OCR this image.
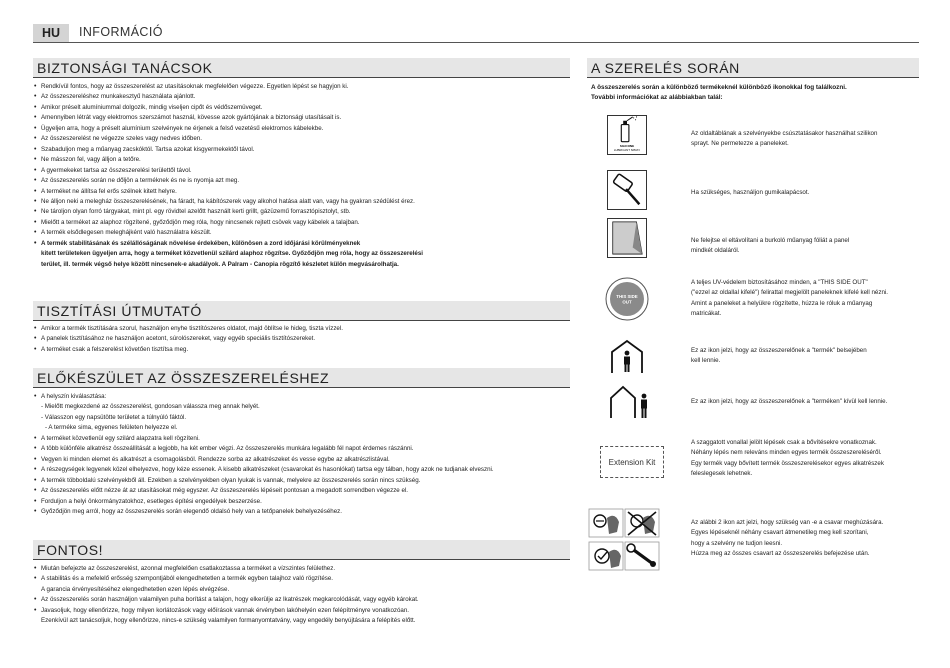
HU	INFORMÁCIÓ
BIZTONSÁGI TANÁCSOK
• Rendkívül fontos, hogy az összeszerelést az utasításoknak megfelelően végezze. Egyetlen lépést se hagyjon ki.
• Az összeszereléshez munkakesztyű használata ajánlott.
• Amikor préselt alumíniummal dolgozik, mindig viseljen cipőt és védőszemüveget.
• Amennyiben létrát vagy elektromos szerszámot használ, kövesse azok gyártójának a biztonsági utasításait is.
• Ügyeljen arra, hogy a préselt alumínium szelvények ne érjenek a felső vezetésű elektromos kábelekbe.
• Az összeszerelést ne végezze szeles vagy nedves időben.
• Szabaduljon meg a műanyag zacskóktól. Tartsa azokat kisgyermekektől távol.
• Ne másszon fel, vagy álljon a tetőre.
• A gyermekeket tartsa az összeszerelési területtől távol.
• Az összeszerelés során ne dőljön a terméknek és ne is nyomja azt meg.
• A terméket ne állítsa fel erős szélnek kitett helyre.
• Ne álljon neki a melegház összeszerelésének, ha fáradt, ha kábítószerek vagy alkohol hatása alatt van, vagy ha gyakran szédülést érez.
• Ne tároljon olyan forró tárgyakat, mint pl. egy rövidtel azelőtt használt kerti grillt, gázüzemű forrasztópisztolyt, stb.
• Mielőtt a terméket az alaphoz rögzítené, győződjön meg róla, hogy nincsenek rejtett csövek vagy kábelek a talajban.
• A termék elsődlegesen meleghájként való használatra készült.
• A termék stabilitásának és szélállóságának növelése érdekében, különösen a zord időjárási körülményeknek
kitett területeken ügyeljen arra, hogy a terméket közvetlenül szilárd alaphoz rögzítse. Győződjön meg róla, hogy az összeszerelési
terület, ill. termék végső helye között nincsenek-e akadályok. A Palram - Canopia rögzítő készletet külön megvásárolhatja.
TISZTÍTÁSI ÚTMUTATÓ
• Amikor a termék tisztítására szorul, használjon enyhe tisztítószeres oldatot, majd öblítse le hideg, tiszta vízzel.
• A panelek tisztításához ne használjon acetont, súrolószereket, vagy egyéb speciális tisztítószereket.
• A terméket csak a felszerelést követően tisztítsa meg.
ELŐKÉSZÜLET AZ ÖSSZESZERELÉSHEZ
• A helyszín kiválasztása:
- Mielőtt megkezdené az összeszerelést, gondosan válassza meg annak helyét.
- Válasszon egy napsütötte területet a túlnyúló fáktól.
- A terméke sima, egyenes felületen helyezze el.
• A terméket közvetlenül egy szilárd alapzatra kell rögzíteni.
• A több különféle alkatrész összeállítását a legjobb, ha két ember végzi. Az összeszerelés munkára legalább fél napot érdemes rászánni.
• Vegyen ki minden elemet és alkatrészt a csomagolásból. Rendezze sorba az alkatrészeket és vesse egybe az alkatrészlistával.
• A részegységek legyenek közel elhelyezve, hogy kéze essenek. A kisebb alkatrészeket (csavarokat és hasonlókat) tartsa egy tálban, hogy azok ne tudjanak elveszni.
• A termék többoldalú szelvényekből áll. Ezekben a szelvényekben olyan lyukak is vannak, melyekre az összeszerelés során nincs szükség.
• Az összeszerelés előtt nézze át az utasításokat még egyszer. Az összeszerelés lépéseit pontosan a megadott sorrendben végezze el.
• Forduljon a helyi önkormányzatokhoz, esetleges építési engedélyek beszerzése.
• Győződjön meg arról, hogy az összeszerelés során elegendő oldalsó hely van a tetőpanelek behelyezéséhez.
FONTOS!
• Miután befejezte az összeszerelést, azonnal megfelelően csatlakoztassa a terméket a vízszintes felülethez.
• A stabilitás és a mefelelő erősség szempontjából elengedhetetlen a termék egyben talajhoz való rögzítése.
A garancia érvényesítéséhez elengedhetetlen ezen lépés elvégzése.
• Az összeszerelés során használjon valamilyen puha borítást a talajon, hogy elkerülje az lkatrészek megkarcolódását, vagy egyéb károkat.
• Javasoljuk, hogy ellenőrizze, hogy milyen korlátozások vagy előírások vannak érvényben lakóhelyén ezen felépítményre vonatkozóan.
Ezenkívül azt tanácsoljuk, hogy ellenőrizze, nincs-e szükség valamilyen formanyomtatvány, vagy engedély benyújtására a felépítés előtt.
A SZERELÉS SORÁN
A összeszerelés során a különböző termékeknél különböző ikonokkal fog találkozni.
További információkat az alábbiakban talál:
SILICONE
LUBRICANT SPRAY
Az oldaltáblának a szelvényekbe csúsztatásakor használhat szilikon
sprayt. Ne permetezze a paneleket.
Ha szükséges, használjon gumikalapácsot.
Ne felejtse el eltávolítani a burkoló műanyag fóliát a panel
mindkét oldaláról.
THIS SIDE
OUT
A teljes UV-védelem biztosításához minden, a "THIS SIDE OUT"
("ezzel az oldallal kifelé") felirattal megjelölt paneleknek kifelé kell nézni.
Amint a paneleket a helyükre rögzítette, húzza le róluk a műanyag
matricákat.
Ez az ikon jelzi, hogy az összeszerelőnek a "termék" belsejében
kell lennie.
Ez az ikon jelzi, hogy az összeszerelőnek a "terméken" kívül kell lennie.
Extension Kit
A szaggatott vonallal jelölt lépések csak a bővítésekre vonatkoznak.
Néhány lépés nem releváns minden egyes termék összeszereléséről.
Egy termék vagy bővített termék összeszerelésekor egyes alkatrészek
feleslegesek lehetnek.
Az alábbi 2 ikon azt jelzi, hogy szükség van -e a csavar meghúzására.
Egyes lépéseknél néhány csavart átmenetileg meg kell szorítani,
hogy a szelvény ne tudjon leesni.
Húzza meg az összes csavart az összeszerelés befejezése után.
